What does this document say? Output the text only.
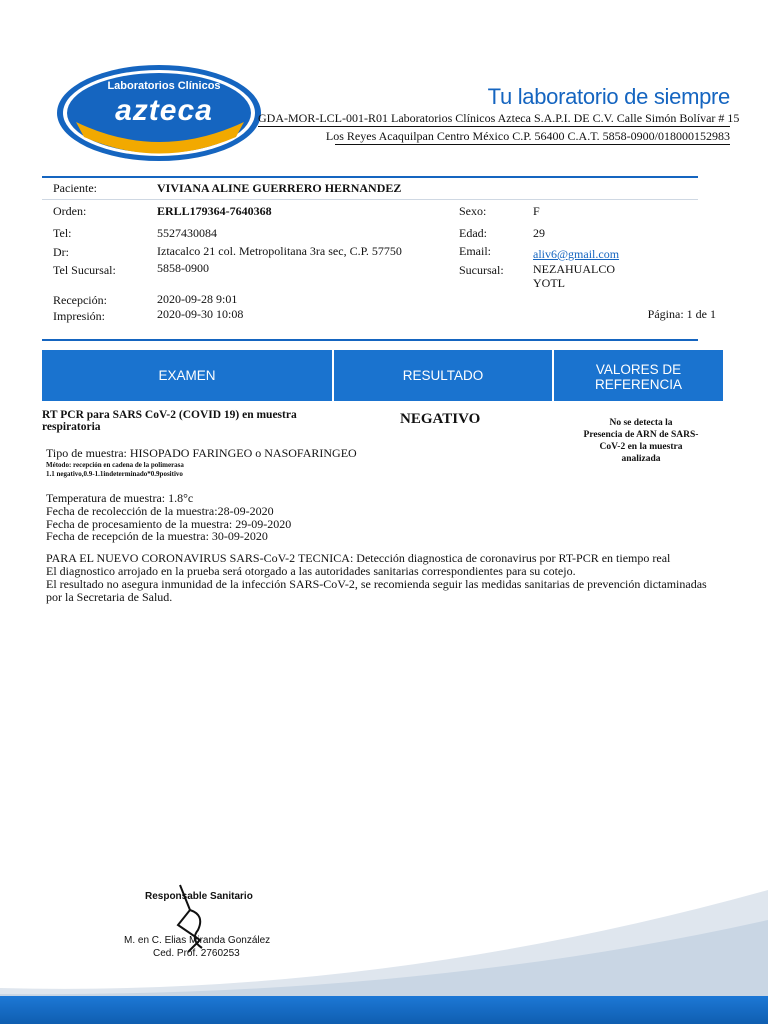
Laboratorios Clínicos
azteca	Tu laboratorio de siempre
GDA-MOR-LCL-001-R01 Laboratorios Clínicos Azteca S.A.P.I. DE C.V. Calle Simón Bolívar # 15
Los Reyes Acaquilpan Centro México C.P. 56400 C.A.T. 5858-0900/018000152983
Paciente:	VIVIANA ALINE GUERRERO HERNANDEZ
Orden:	ERLL179364-7640368	Sexo:	F
Tel:	5527430084	Edad:	29
Dr:	Iztacalco 21 col. Metropolitana 3ra sec, C.P. 57750	Email:	aliv6@gmail.com
Tel Sucursal:	5858-0900	Sucursal: NEZAHUALCO
YOTL
Recepción:	2020-09-28 9:01
Impresión:	2020-09-30 10:08	Página: 1 de 1
EXAMEN	RESULTADO	VALORES DE
REFERENCIA
RT PCR para SARS CoV-2 (COVID 19) en muestra
respiratoria	NEGATIVO	No se detecta la
Presencia de ARN de SARS-
CoV-2 en la muestra
analizada
Tipo de muestra: HISOPADO FARINGEO o NASOFARINGEO
Método: recepción en cadena de la polimerasa
1.1 negativo,0.9-1.1indeterminado*0.9positivo
Temperatura de muestra: 1.8°c
Fecha de recolección de la muestra:28-09-2020
Fecha de procesamiento de la muestra: 29-09-2020
Fecha de recepción de la muestra: 30-09-2020
PARA EL NUEVO CORONAVIRUS SARS-CoV-2 TECNICA: Detección diagnostica de coronavirus por RT-PCR en tiempo real
El diagnostico arrojado en la prueba será otorgado a las autoridades sanitarias correspondientes para su cotejo.
El resultado no asegura inmunidad de la infección SARS-CoV-2, se recomienda seguir las medidas sanitarias de prevención dictaminadas
por la Secretaria de Salud.
Responsable Sanitario
M. en C. Elias Miranda González
Ced. Prof. 2760253
